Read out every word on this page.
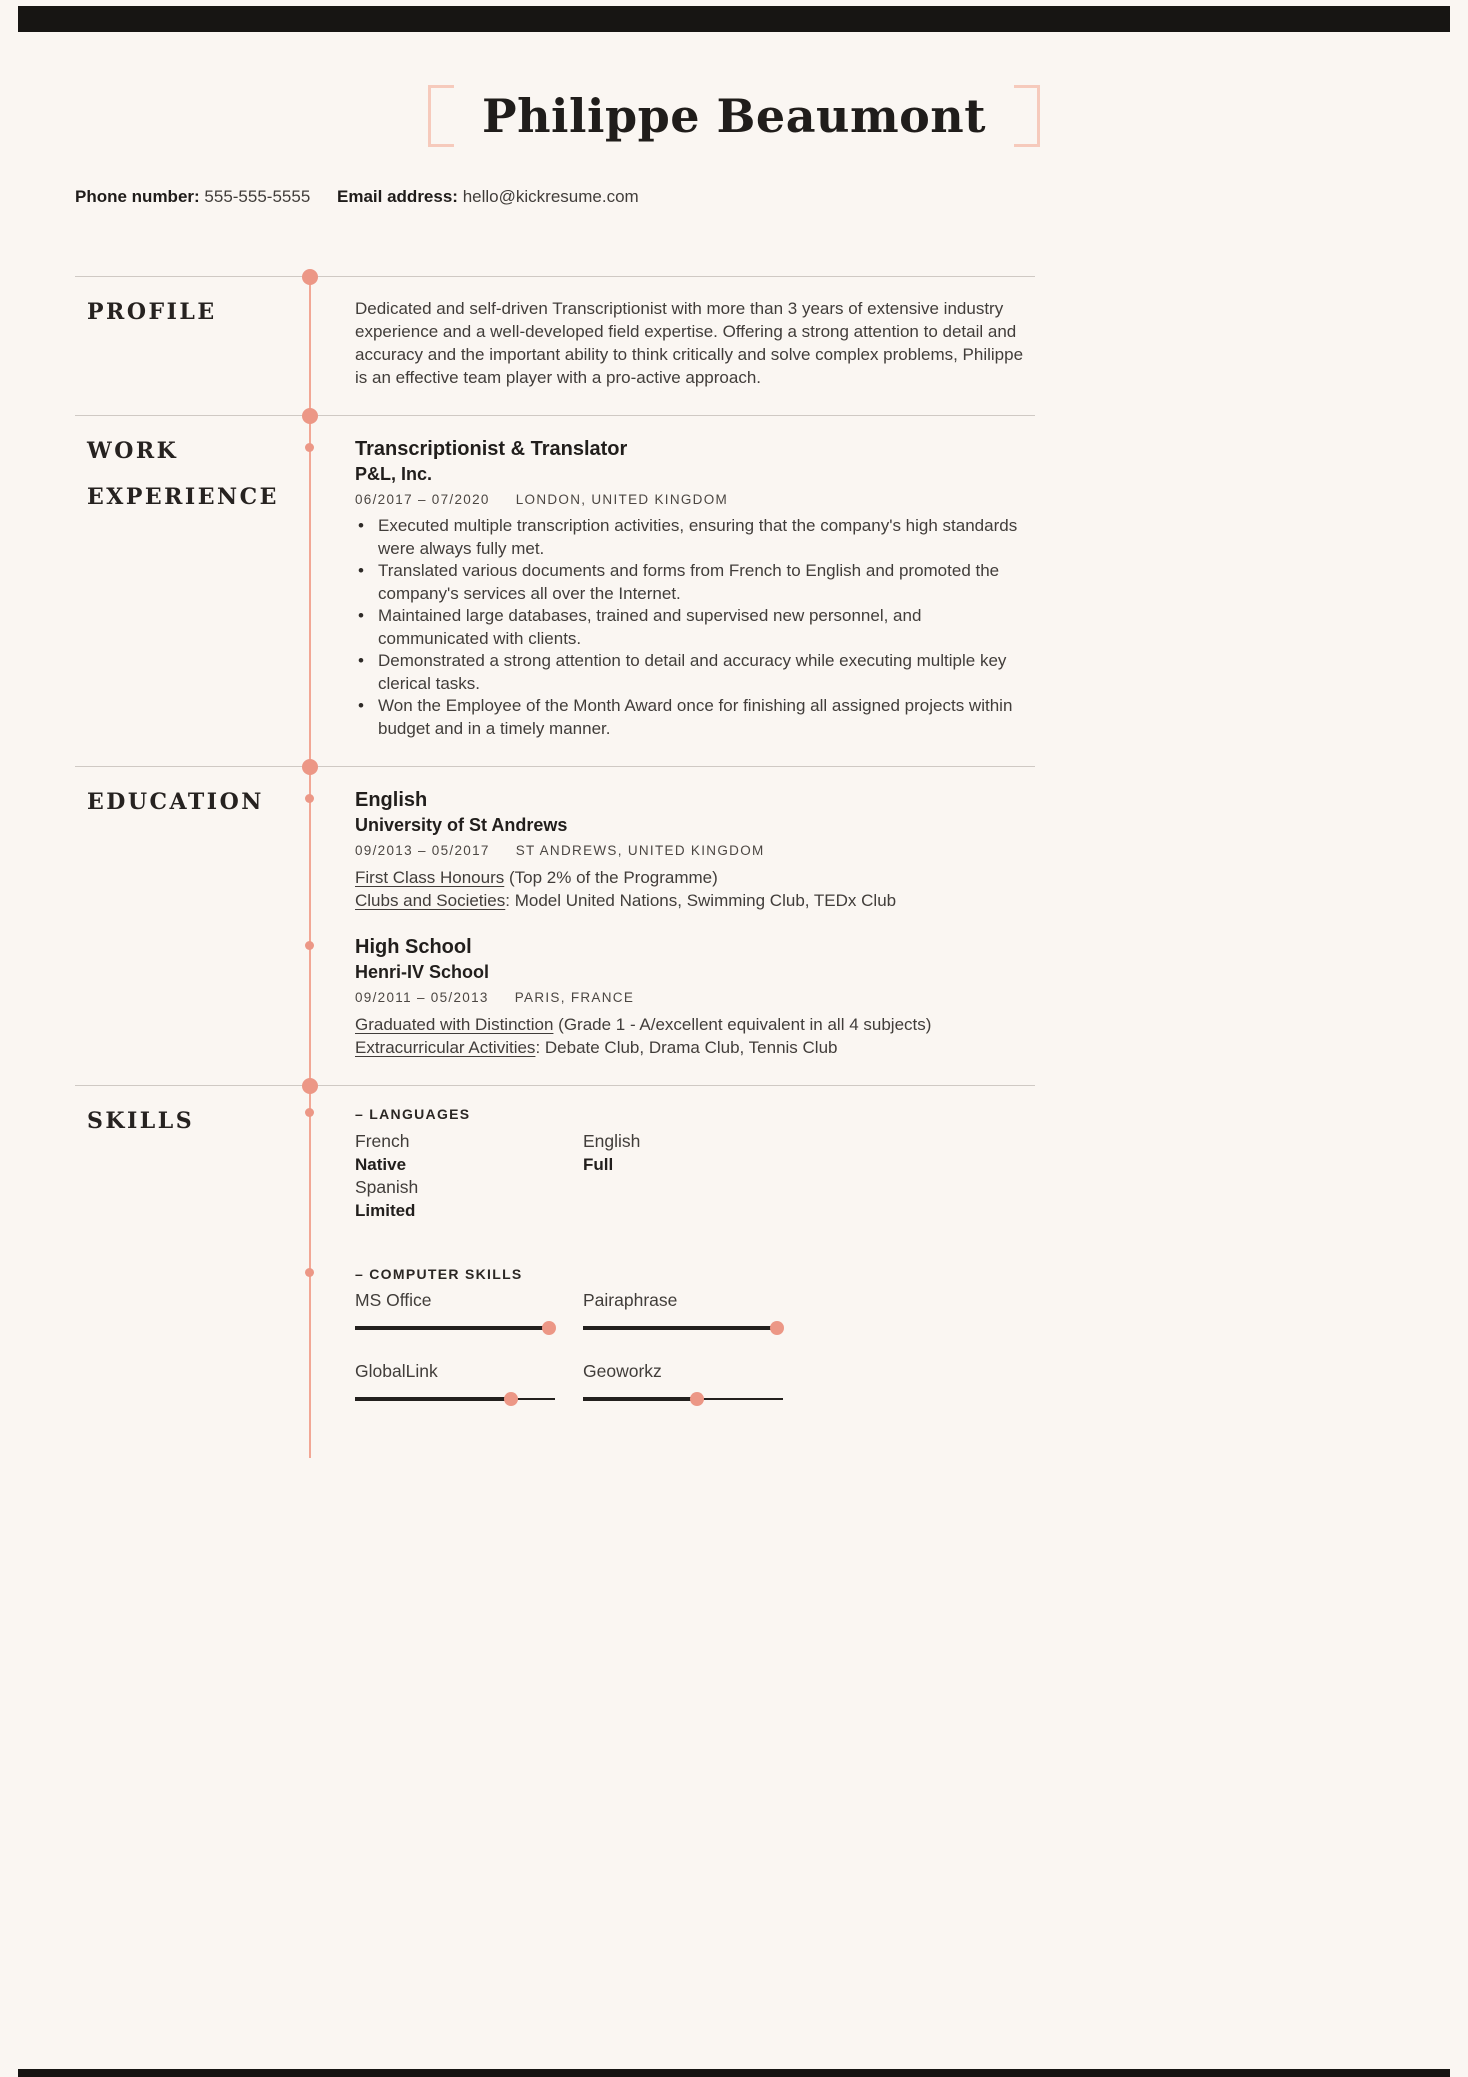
Philippe Beaumont
Phone number: 555-555-5555 Email address: hello@kickresume.com
PROFILE	Dedicated and self-driven Transcriptionist with more than 3 years of extensive industry experience and a well-developed field expertise. Offering a strong attention to detail and accuracy and the important ability to think critically and solve complex problems, Philippe is an effective team player with a pro-active approach.

WORK EXPERIENCE
Transcriptionist & Translator
P&L, Inc.
06/2017 – 07/2020 LONDON, UNITED KINGDOM
• Executed multiple transcription activities, ensuring that the company's high standards were always fully met.
• Translated various documents and forms from French to English and promoted the company's services all over the Internet.
• Maintained large databases, trained and supervised new personnel, and communicated with clients.
• Demonstrated a strong attention to detail and accuracy while executing multiple key clerical tasks.
• Won the Employee of the Month Award once for finishing all assigned projects within budget and in a timely manner.
EDUCATION	English
University of St Andrews
09/2013 – 05/2017 ST ANDREWS, UNITED KINGDOM
First Class Honours (Top 2% of the Programme)
Clubs and Societies: Model United Nations, Swimming Club, TEDx Club
High School
Henri-IV School
09/2011 – 05/2013 PARIS, FRANCE
Graduated with Distinction (Grade 1 - A/excellent equivalent in all 4 subjects)
Extracurricular Activities: Debate Club, Drama Club, Tennis Club
SKILLS	– LANGUAGES
French
Native
English
Full
Spanish
Limited
– COMPUTER SKILLS
MS Office	Pairaphrase
GlobalLink	Geoworkz
